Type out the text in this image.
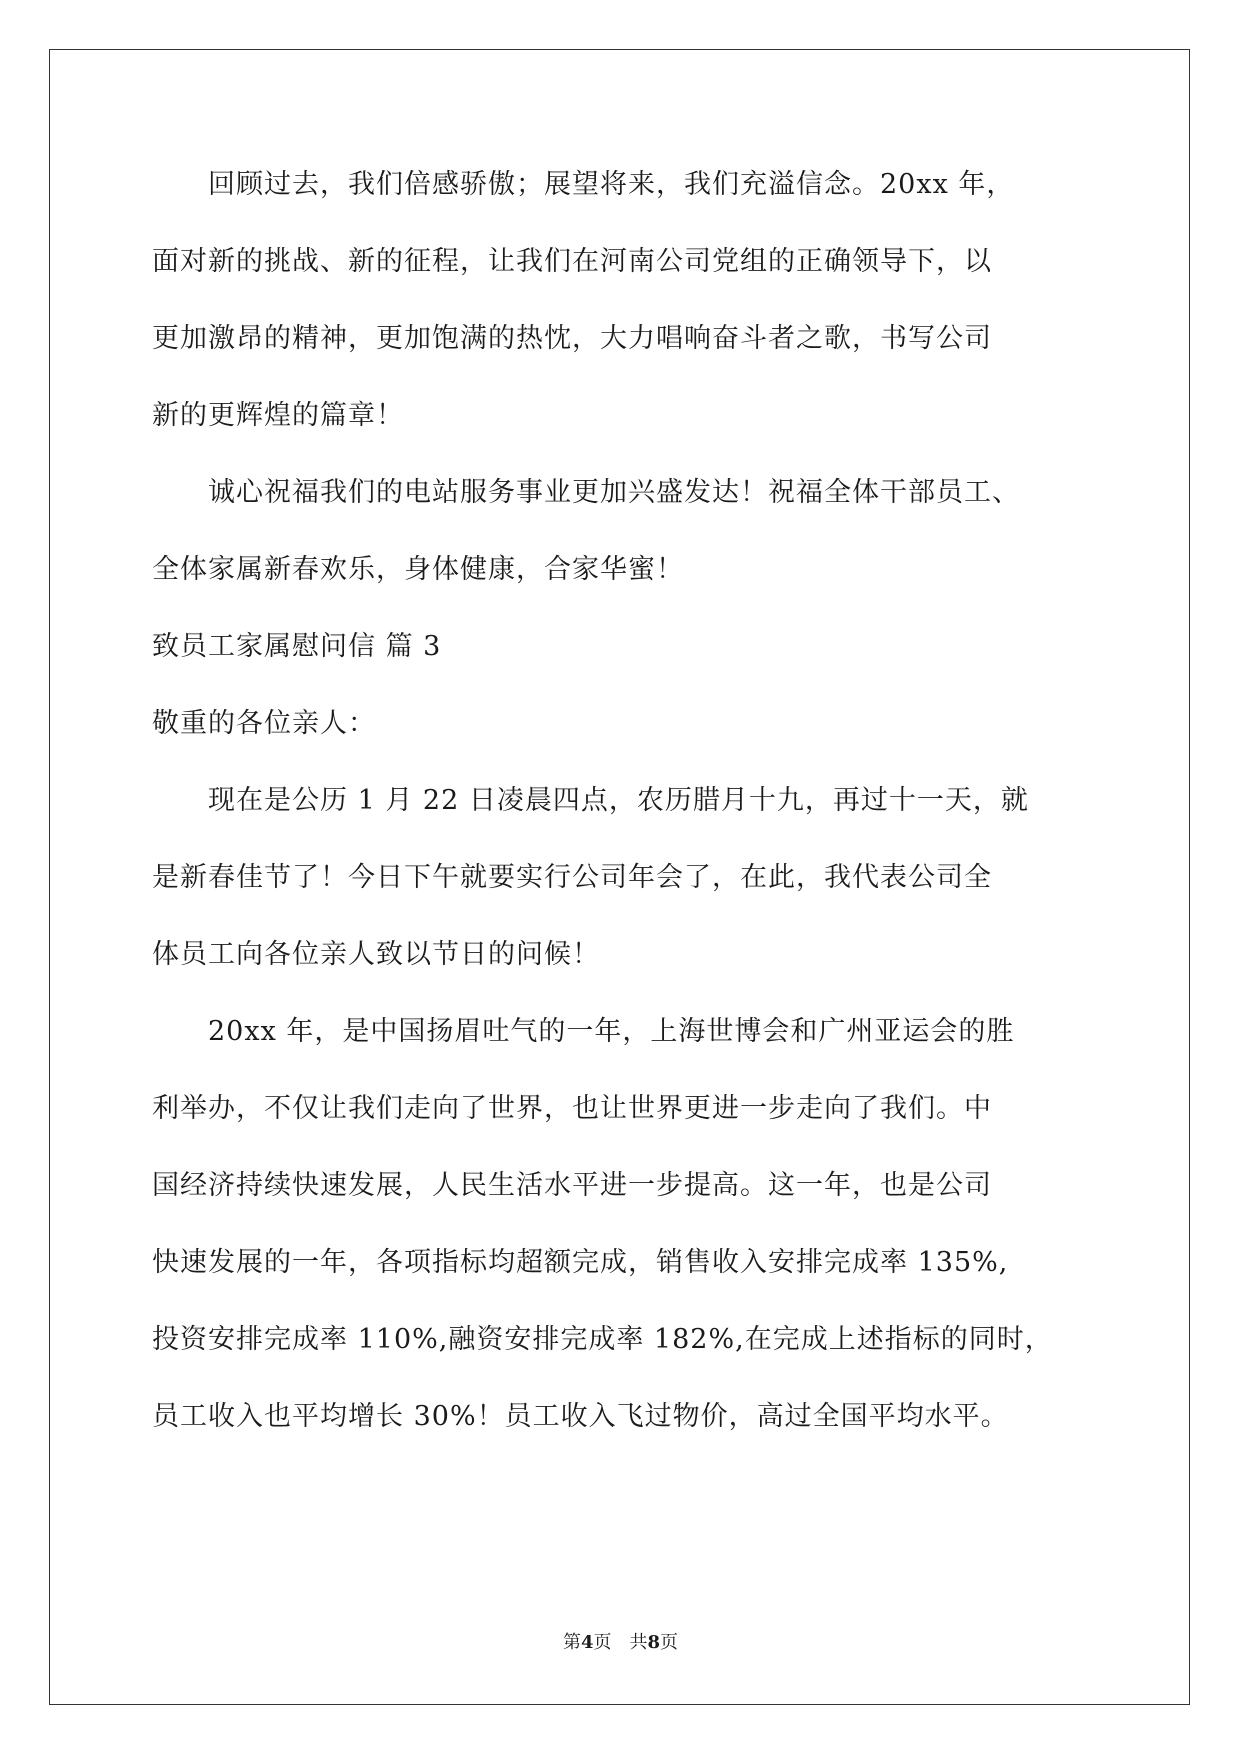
　　回顾过去，我们倍感骄傲；展望将来，我们充溢信念。20xx 年，
面对新的挑战、新的征程，让我们在河南公司党组的正确领导下，以
更加激昂的精神，更加饱满的热忱，大力唱响奋斗者之歌，书写公司
新的更辉煌的篇章！
　　诚心祝福我们的电站服务事业更加兴盛发达！祝福全体干部员工、
全体家属新春欢乐，身体健康，合家华蜜！
致员工家属慰问信 篇 3
敬重的各位亲人：
　　现在是公历 1 月 22 日凌晨四点，农历腊月十九，再过十一天，就
是新春佳节了！今日下午就要实行公司年会了，在此，我代表公司全
体员工向各位亲人致以节日的问候！
　　20xx 年，是中国扬眉吐气的一年，上海世博会和广州亚运会的胜
利举办，不仅让我们走向了世界，也让世界更进一步走向了我们。中
国经济持续快速发展，人民生活水平进一步提高。这一年，也是公司
快速发展的一年，各项指标均超额完成，销售收入安排完成率 135%,
投资安排完成率 110%,融资安排完成率 182%,在完成上述指标的同时，
员工收入也平均增长 30%！员工收入飞过物价，高过全国平均水平。
第4页　共8页
